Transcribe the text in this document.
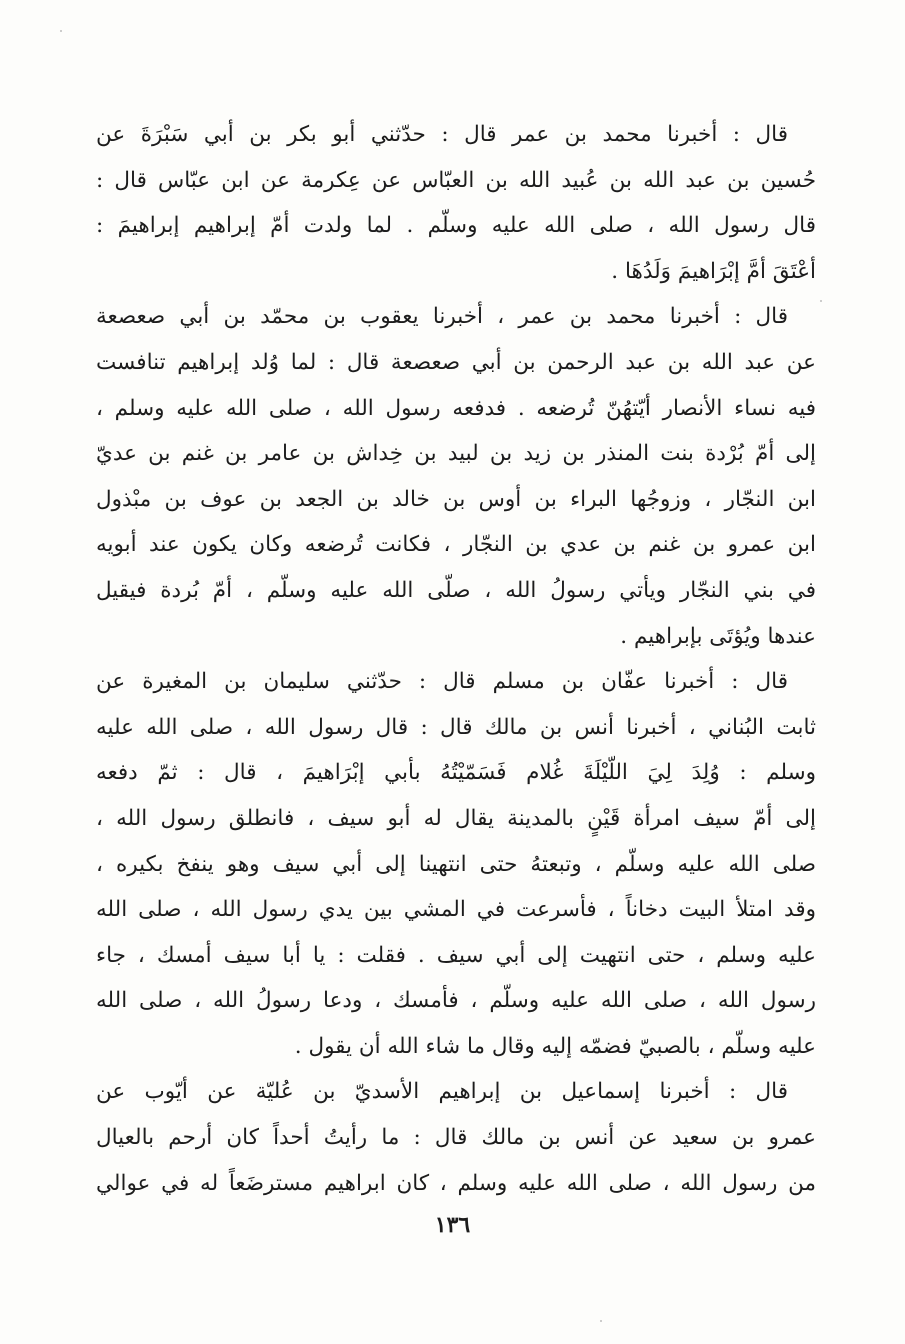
قال : أخبرنا محمد بن عمر قال : حدّثني أبو بكر بن أبي سَبْرَةَ عن
حُسين بن عبد الله بن عُبيد الله بن العبّاس عن عِكرمة عن ابن عبّاس قال :
قال رسول الله ، صلى الله عليه وسلّم . لما ولدت أمّ إبراهيم إبراهيمَ :
أعْتَقَ أمَّ إبْرَاهيمَ وَلَدُهَا .
قال : أخبرنا محمد بن عمر ، أخبرنا يعقوب بن محمّد بن أبي صعصعة
عن عبد الله بن عبد الرحمن بن أبي صعصعة قال : لما وُلد إبراهيم تنافست
فيه نساء الأنصار أيّتهُنّ تُرضعه . فدفعه رسول الله ، صلى الله عليه وسلم ،
إلى أمّ بُرْدة بنت المنذر بن زيد بن لبيد بن خِداش بن عامر بن غنم بن عديّ
ابن النجّار ، وزوجُها البراء بن أوس بن خالد بن الجعد بن عوف بن مبْذول
ابن عمرو بن غنم بن عدي بن النجّار ، فكانت تُرضعه وكان يكون عند أبويه
في بني النجّار ويأتي رسولُ الله ، صلّى الله عليه وسلّم ، أمّ بُردة فيقيل
عندها ويُؤتَى بإبراهيم .
قال : أخبرنا عفّان بن مسلم قال : حدّثني سليمان بن المغيرة عن
ثابت البُناني ، أخبرنا أنس بن مالك قال : قال رسول الله ، صلى الله عليه
وسلم : وُلِدَ لِيَ اللّيْلَةَ غُلام فَسَمّيْتُهُ بأبي إبْرَاهيمَ ، قال : ثمّ دفعه
إلى أمّ سيف امرأة قَيْنٍ بالمدينة يقال له أبو سيف ، فانطلق رسول الله ،
صلى الله عليه وسلّم ، وتبعتهُ حتى انتهينا إلى أبي سيف وهو ينفخ بكيره ،
وقد امتلأ البيت دخاناً ، فأسرعت في المشي بين يدي رسول الله ، صلى الله
عليه وسلم ، حتى انتهيت إلى أبي سيف . فقلت : يا أبا سيف أمسك ، جاء
رسول الله ، صلى الله عليه وسلّم ، فأمسك ، ودعا رسولُ الله ، صلى الله
عليه وسلّم ، بالصبيّ فضمّه إليه وقال ما شاء الله أن يقول .
قال : أخبرنا إسماعيل بن إبراهيم الأسديّ بن عُليّة عن أيّوب عن
عمرو بن سعيد عن أنس بن مالك قال : ما رأيتُ أحداً كان أرحم بالعيال
من رسول الله ، صلى الله عليه وسلم ، كان ابراهيم مسترضَعاً له في عوالي
١٣٦
